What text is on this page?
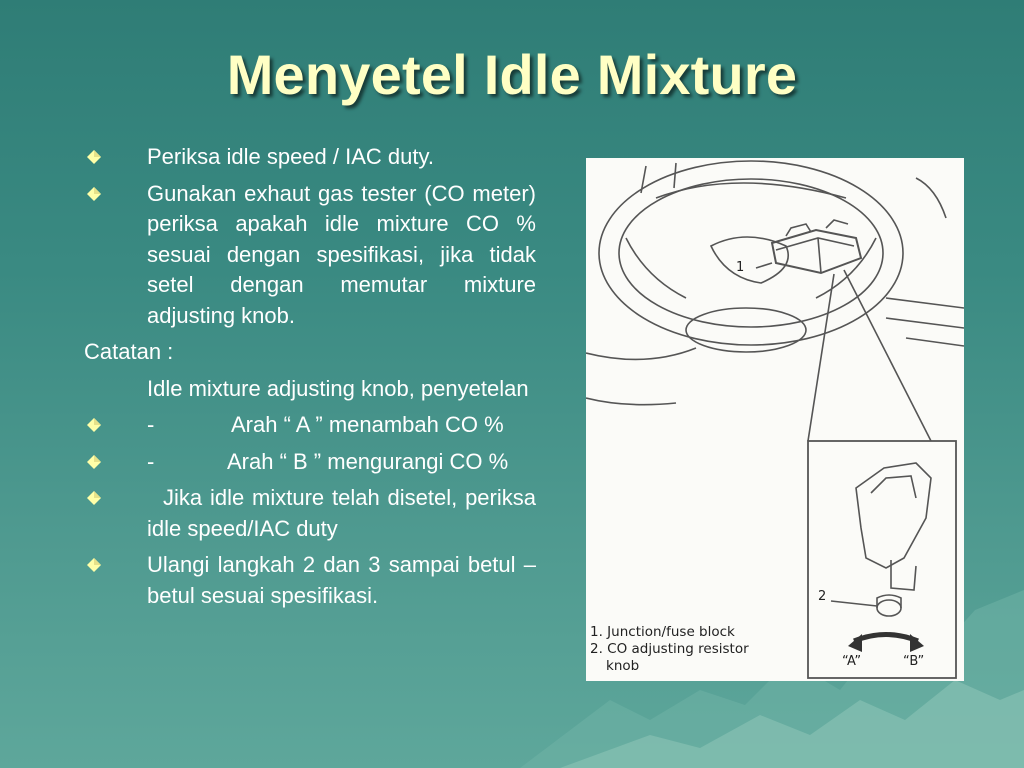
Menyetel Idle Mixture
Periksa idle speed / IAC duty.
Gunakan exhaut gas tester (CO meter) periksa apakah idle mixture CO % sesuai dengan spesifikasi, jika tidak setel dengan memutar mixture adjusting knob.
Catatan :
Idle mixture adjusting knob, penyetelan
-	Arah “ A ” menambah CO %
-	Arah “ B ” mengurangi CO %
Jika idle mixture telah disetel, periksa idle speed/IAC duty
Ulangi langkah 2 dan 3 sampai betul – betul sesuai spesifikasi.
1
2
“A”	“B”
1. Junction/fuse block
2. CO adjusting resistor
knob
